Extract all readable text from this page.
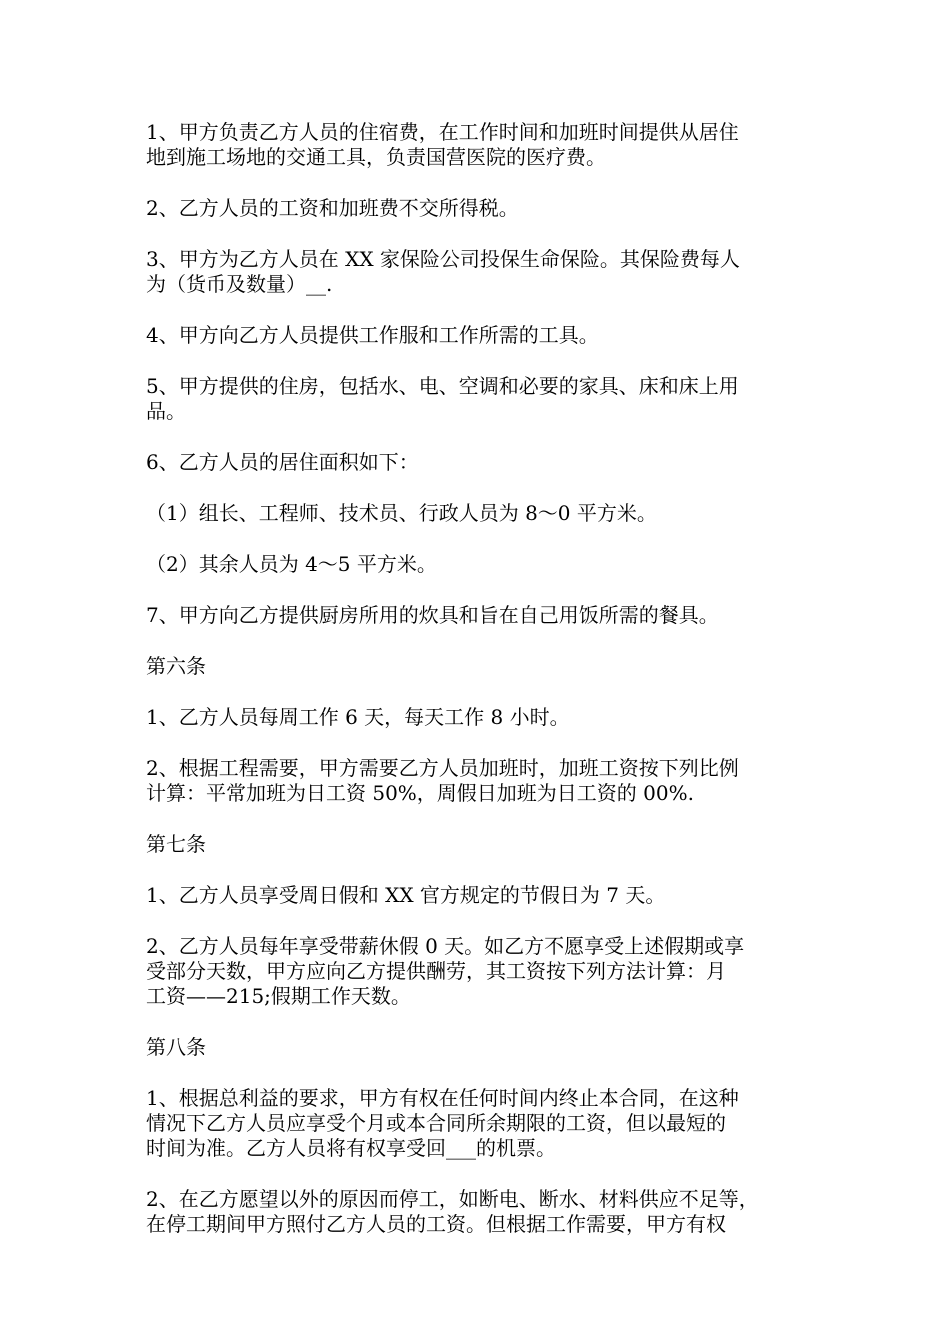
1、甲方负责乙方人员的住宿费，在工作时间和加班时间提供从居住
地到施工场地的交通工具，负责国营医院的医疗费。

2、乙方人员的工资和加班费不交所得税。

3、甲方为乙方人员在 XX 家保险公司投保生命保险。其保险费每人
为（货币及数量）__.

4、甲方向乙方人员提供工作服和工作所需的工具。

5、甲方提供的住房，包括水、电、空调和必要的家具、床和床上用
品。

6、乙方人员的居住面积如下：

（1）组长、工程师、技术员、行政人员为 8～0 平方米。

（2）其余人员为 4～5 平方米。

7、甲方向乙方提供厨房所用的炊具和旨在自己用饭所需的餐具。

第六条

1、乙方人员每周工作 6 天，每天工作 8 小时。

2、根据工程需要，甲方需要乙方人员加班时，加班工资按下列比例
计算：平常加班为日工资 50%，周假日加班为日工资的 00%.

第七条

1、乙方人员享受周日假和 XX 官方规定的节假日为 7 天。

2、乙方人员每年享受带薪休假 0 天。如乙方不愿享受上述假期或享
受部分天数，甲方应向乙方提供酬劳，其工资按下列方法计算：月
工资——215;假期工作天数。

第八条

1、根据总利益的要求，甲方有权在任何时间内终止本合同，在这种
情况下乙方人员应享受个月或本合同所余期限的工资，但以最短的
时间为准。乙方人员将有权享受回___的机票。

2、在乙方愿望以外的原因而停工，如断电、断水、材料供应不足等，
在停工期间甲方照付乙方人员的工资。但根据工作需要，甲方有权
